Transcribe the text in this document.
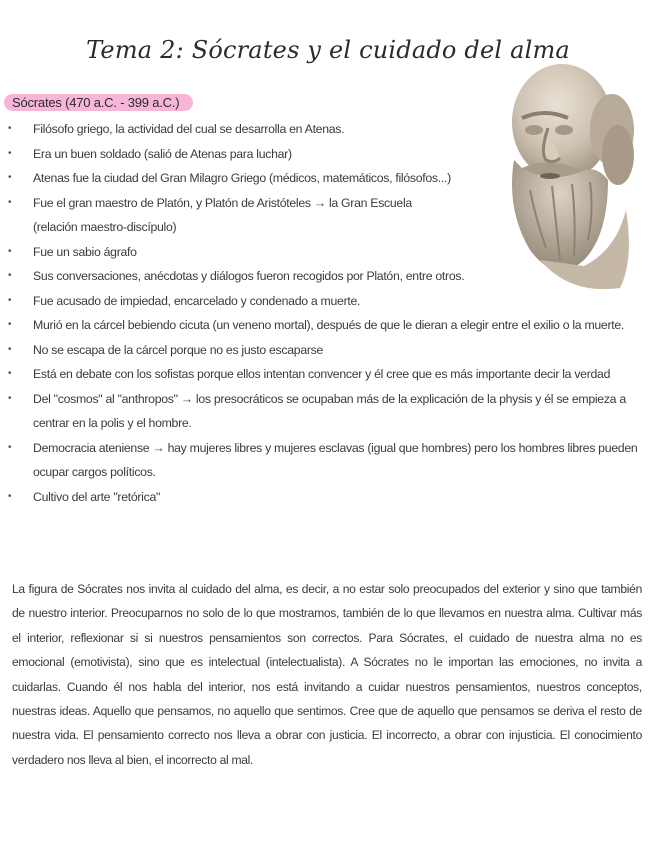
Tema 2: Sócrates y el cuidado del alma
Sócrates (470 a.C. - 399 a.C.)
• Filósofo griego, la actividad del cual se desarrolla en Atenas.
• Era un buen soldado (salió de Atenas para luchar)
• Atenas fue la ciudad del Gran Milagro Griego (médicos, matemáticos, filósofos...)
• Fue el gran maestro de Platón, y Platón de Aristóteles → la Gran Escuela
(relación maestro-discípulo)
• Fue un sabio ágrafo
• Sus conversaciones, anécdotas y diálogos fueron recogidos por Platón, entre otros.
• Fue acusado de impiedad, encarcelado y condenado a muerte.
• Murió en la cárcel bebiendo cicuta (un veneno mortal), después de que le dieran a elegir entre el exilio o la muerte.
• No se escapa de la cárcel porque no es justo escaparse
• Está en debate con los sofistas porque ellos intentan convencer y él cree que es más importante decir la verdad
• Del "cosmos" al "anthropos" → los presocráticos se ocupaban más de la explicación de la physis y él se empieza a centrar en la polis y el hombre.
• Democracia ateniense → hay mujeres libres y mujeres esclavas (igual que hombres) pero los hombres libres pueden ocupar cargos políticos.
• Cultivo del arte "retórica"

La figura de Sócrates nos invita al cuidado del alma, es decir, a no estar solo preocupados del exterior y sino que también de nuestro interior. Preocuparnos no solo de lo que mostramos, también de lo que llevamos en nuestra alma. Cultivar más el interior, reflexionar si si nuestros pensamientos son correctos. Para Sócrates, el cuidado de nuestra alma no es emocional (emotivista), sino que es intelectual (intelectualista). A Sócrates no le importan las emociones, no invita a cuidarlas. Cuando él nos habla del interior, nos está invitando a cuidar nuestros pensamientos, nuestros conceptos, nuestras ideas. Aquello que pensamos, no aquello que sentimos. Cree que de aquello que pensamos se deriva el resto de nuestra vida. El pensamiento correcto nos lleva a obrar con justicia. El incorrecto, a obrar con injusticia. El conocimiento verdadero nos lleva al bien, el incorrecto al mal.
